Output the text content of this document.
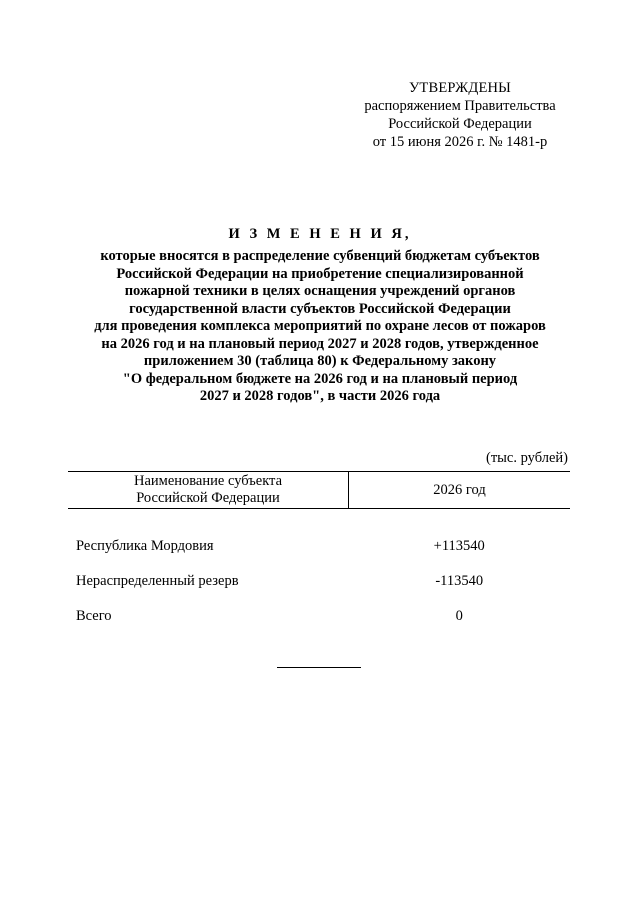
УТВЕРЖДЕНЫ
распоряжением Правительства
Российской Федерации
от 15 июня 2026 г. № 1481-р
И З М Е Н Е Н И Я,
которые вносятся в распределение субвенций бюджетам субъектов
Российской Федерации на приобретение специализированной
пожарной техники в целях оснащения учреждений органов
государственной власти субъектов Российской Федерации
для проведения комплекса мероприятий по охране лесов от пожаров
на 2026 год и на плановый период 2027 и 2028 годов, утвержденное
приложением 30 (таблица 80) к Федеральному закону
"О федеральном бюджете на 2026 год и на плановый период
2027 и 2028 годов", в части 2026 года
(тыс. рублей)
Наименование субъекта
Российской Федерации	2026 год
Республика Мордовия	+113540
Нераспределенный резерв	-113540
Всего	0
